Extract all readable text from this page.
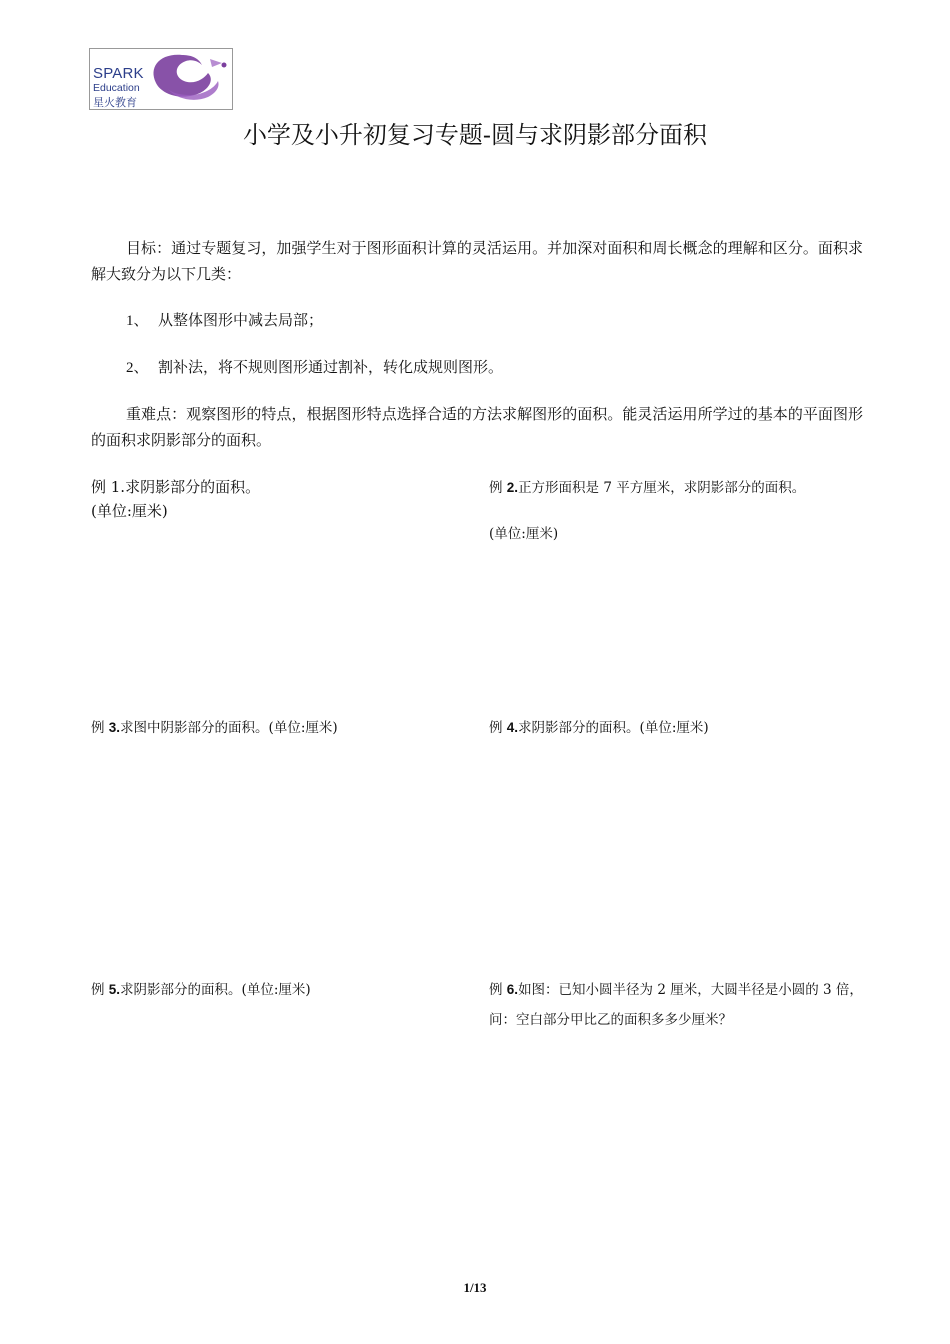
SPARK
Education
星火教育
小学及小升初复习专题-圆与求阴影部分面积
目标：通过专题复习，加强学生对于图形面积计算的灵活运用。并加深对面积和周长概念的理解和区分。面积求解大致分为以下几类：
1、 从整体图形中减去局部；
2、 割补法，将不规则图形通过割补，转化成规则图形。
重难点：观察图形的特点，根据图形特点选择合适的方法求解图形的面积。能灵活运用所学过的基本的平面图形的面积求阴影部分的面积。
例 1.求阴影部分的面积。
(单位:厘米)
例 2.正方形面积是 7 平方厘米，求阴影部分的面积。
(单位:厘米)
例 3.求图中阴影部分的面积。(单位:厘米)	例 4.求阴影部分的面积。(单位:厘米)
例 5.求阴影部分的面积。(单位:厘米)	例 6.如图：已知小圆半径为 2 厘米，大圆半径是小圆的 3 倍，
问：空白部分甲比乙的面积多多少厘米？
1/13
